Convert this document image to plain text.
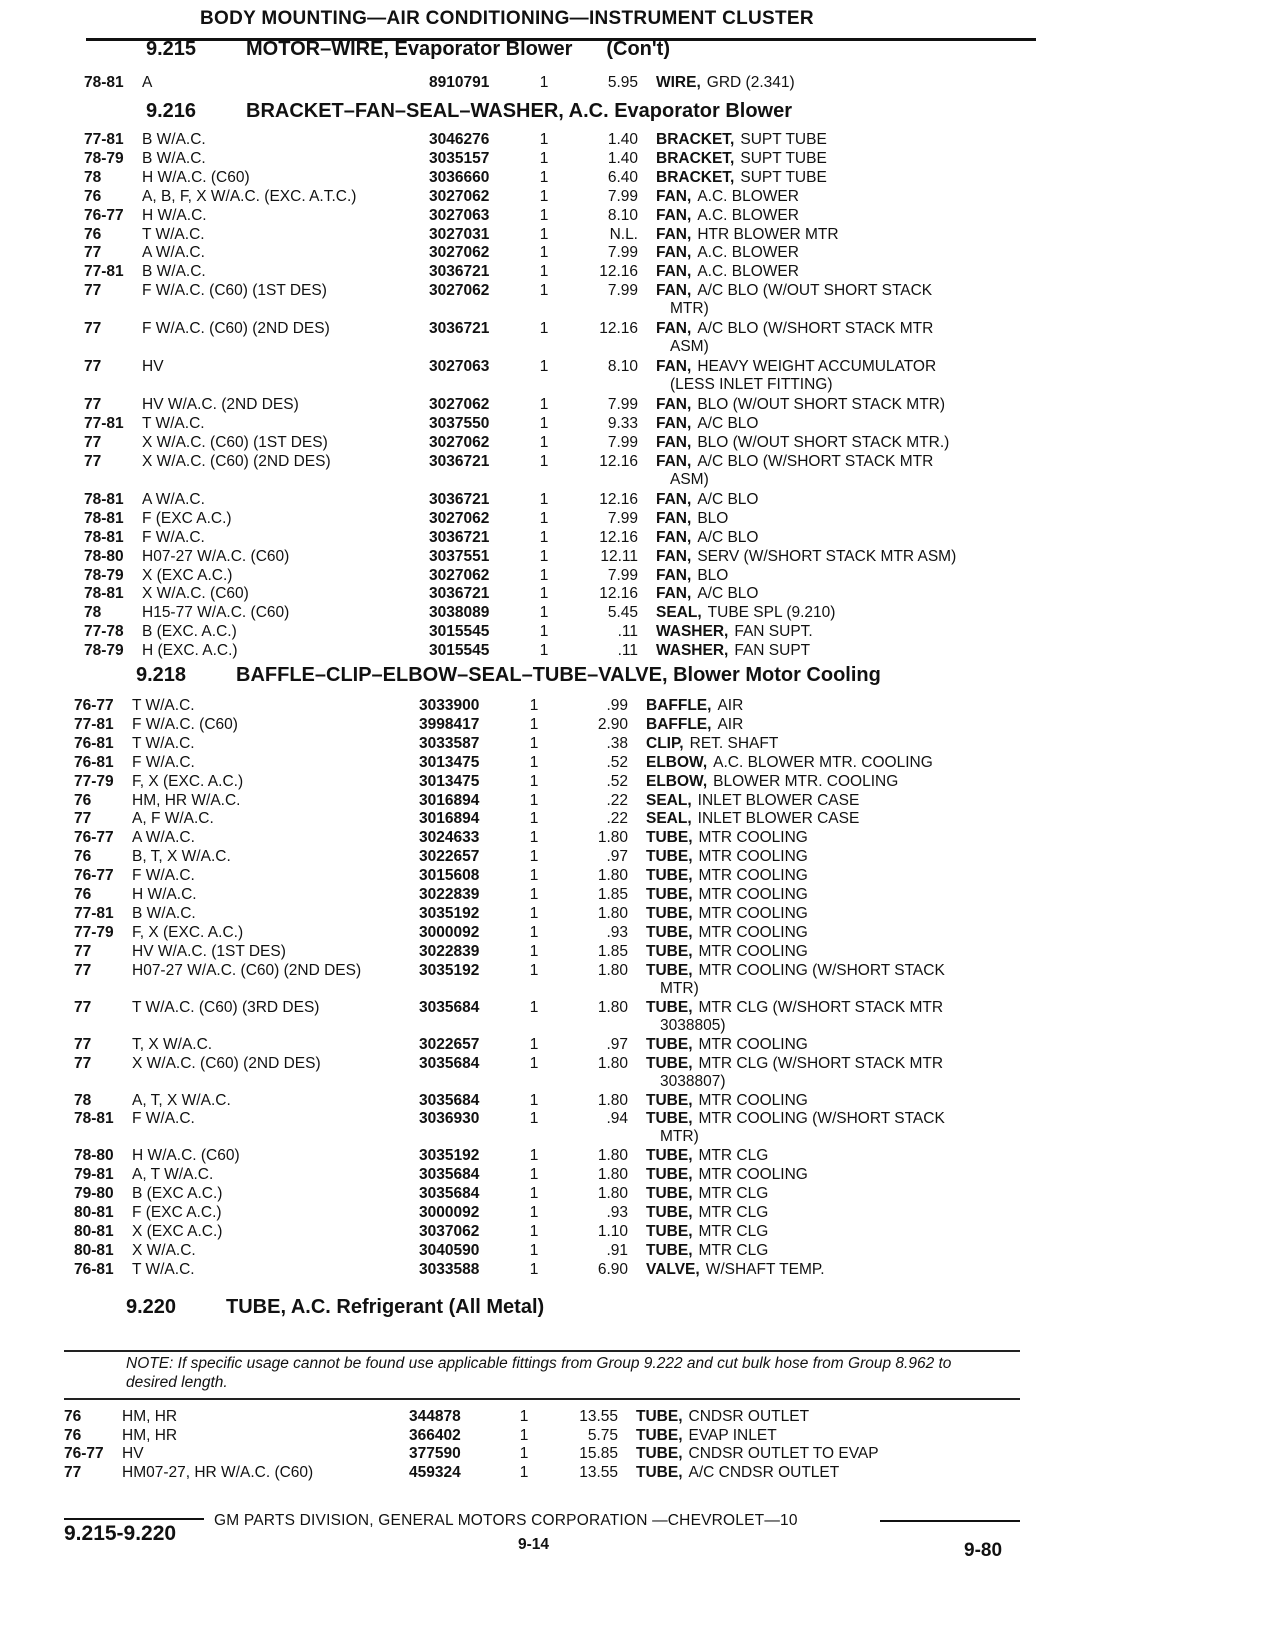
BODY MOUNTING—AIR CONDITIONING—INSTRUMENT CLUSTER
9.215 MOTOR–WIRE, Evaporator Blower (Con't)
78-81	A	8910791	1	5.95 WIRE, GRD (2.341)
9.216 BRACKET–FAN–SEAL–WASHER, A.C. Evaporator Blower
77-81	B W/A.C.	3046276	1	1.40 BRACKET, SUPT TUBE
78-79	B W/A.C.	3035157	1	1.40 BRACKET, SUPT TUBE
78	H W/A.C. (C60)	3036660	1	6.40 BRACKET, SUPT TUBE
76	A, B, F, X W/A.C. (EXC. A.T.C.)	3027062	1	7.99 FAN, A.C. BLOWER
76-77	H W/A.C.	3027063	1	8.10 FAN, A.C. BLOWER
76	T W/A.C.	3027031	1	N.L. FAN, HTR BLOWER MTR
77	A W/A.C.	3027062	1	7.99 FAN, A.C. BLOWER
77-81	B W/A.C.	3036721	1	12.16 FAN, A.C. BLOWER
77	F W/A.C. (C60) (1ST DES)	3027062	1	7.99 FAN, A/C BLO (W/OUT SHORT STACK
MTR)
77	F W/A.C. (C60) (2ND DES)	3036721	1	12.16 FAN, A/C BLO (W/SHORT STACK MTR
ASM)
77	HV	3027063	1	8.10 FAN, HEAVY WEIGHT ACCUMULATOR
(LESS INLET FITTING)
77	HV W/A.C. (2ND DES)	3027062	1	7.99 FAN, BLO (W/OUT SHORT STACK MTR)
77-81	T W/A.C.	3037550	1	9.33 FAN, A/C BLO
77	X W/A.C. (C60) (1ST DES)	3027062	1	7.99 FAN, BLO (W/OUT SHORT STACK MTR.)
77	X W/A.C. (C60) (2ND DES)	3036721	1	12.16 FAN, A/C BLO (W/SHORT STACK MTR
ASM)
78-81	A W/A.C.	3036721	1	12.16 FAN, A/C BLO
78-81	F (EXC A.C.)	3027062	1	7.99 FAN, BLO
78-81	F W/A.C.	3036721	1	12.16 FAN, A/C BLO
78-80	H07-27 W/A.C. (C60)	3037551	1	12.11 FAN, SERV (W/SHORT STACK MTR ASM)
78-79	X (EXC A.C.)	3027062	1	7.99 FAN, BLO
78-81	X W/A.C. (C60)	3036721	1	12.16 FAN, A/C BLO
78	H15-77 W/A.C. (C60)	3038089	1	5.45 SEAL, TUBE SPL (9.210)
77-78	B (EXC. A.C.)	3015545	1	.11 WASHER, FAN SUPT.
78-79	H (EXC. A.C.)	3015545	1	.11 WASHER, FAN SUPT
9.218 BAFFLE–CLIP–ELBOW–SEAL–TUBE–VALVE, Blower Motor Cooling
76-77	T W/A.C.	3033900	1	.99 BAFFLE, AIR
77-81	F W/A.C. (C60)	3998417	1	2.90 BAFFLE, AIR
76-81	T W/A.C.	3033587	1	.38 CLIP, RET. SHAFT
76-81	F W/A.C.	3013475	1	.52 ELBOW, A.C. BLOWER MTR. COOLING
77-79	F, X (EXC. A.C.)	3013475	1	.52 ELBOW, BLOWER MTR. COOLING
76	HM, HR W/A.C.	3016894	1	.22 SEAL, INLET BLOWER CASE
77	A, F W/A.C.	3016894	1	.22 SEAL, INLET BLOWER CASE
76-77	A W/A.C.	3024633	1	1.80 TUBE, MTR COOLING
76	B, T, X W/A.C.	3022657	1	.97 TUBE, MTR COOLING
76-77	F W/A.C.	3015608	1	1.80 TUBE, MTR COOLING
76	H W/A.C.	3022839	1	1.85 TUBE, MTR COOLING
77-81	B W/A.C.	3035192	1	1.80 TUBE, MTR COOLING
77-79	F, X (EXC. A.C.)	3000092	1	.93 TUBE, MTR COOLING
77	HV W/A.C. (1ST DES)	3022839	1	1.85 TUBE, MTR COOLING
77	H07-27 W/A.C. (C60) (2ND DES)	3035192	1	1.80 TUBE, MTR COOLING (W/SHORT STACK
MTR)
77	T W/A.C. (C60) (3RD DES)	3035684	1	1.80 TUBE, MTR CLG (W/SHORT STACK MTR
3038805)
77	T, X W/A.C.	3022657	1	.97 TUBE, MTR COOLING
77	X W/A.C. (C60) (2ND DES)	3035684	1	1.80 TUBE, MTR CLG (W/SHORT STACK MTR
3038807)
78	A, T, X W/A.C.	3035684	1	1.80 TUBE, MTR COOLING
78-81	F W/A.C.	3036930	1	.94 TUBE, MTR COOLING (W/SHORT STACK
MTR)
78-80	H W/A.C. (C60)	3035192	1	1.80 TUBE, MTR CLG
79-81	A, T W/A.C.	3035684	1	1.80 TUBE, MTR COOLING
79-80	B (EXC A.C.)	3035684	1	1.80 TUBE, MTR CLG
80-81	F (EXC A.C.)	3000092	1	.93 TUBE, MTR CLG
80-81	X (EXC A.C.)	3037062	1	1.10 TUBE, MTR CLG
80-81	X W/A.C.	3040590	1	.91 TUBE, MTR CLG
76-81	T W/A.C.	3033588	1	6.90 VALVE, W/SHAFT TEMP.
9.220 TUBE, A.C. Refrigerant (All Metal)
76	HM, HR	344878	1	13.55 TUBE, CNDSR OUTLET
76	HM, HR	366402	1	5.75 TUBE, EVAP INLET
76-77	HV	377590	1	15.85 TUBE, CNDSR OUTLET TO EVAP
77	HM07-27, HR W/A.C. (C60)	459324	1	13.55 TUBE, A/C CNDSR OUTLET
NOTE: If specific usage cannot be found use applicable fittings from Group 9.222 and cut bulk hose from Group 8.962 to desired length.
9.215-9.220
GM PARTS DIVISION, GENERAL MOTORS CORPORATION —CHEVROLET—10
9-14	9-80
